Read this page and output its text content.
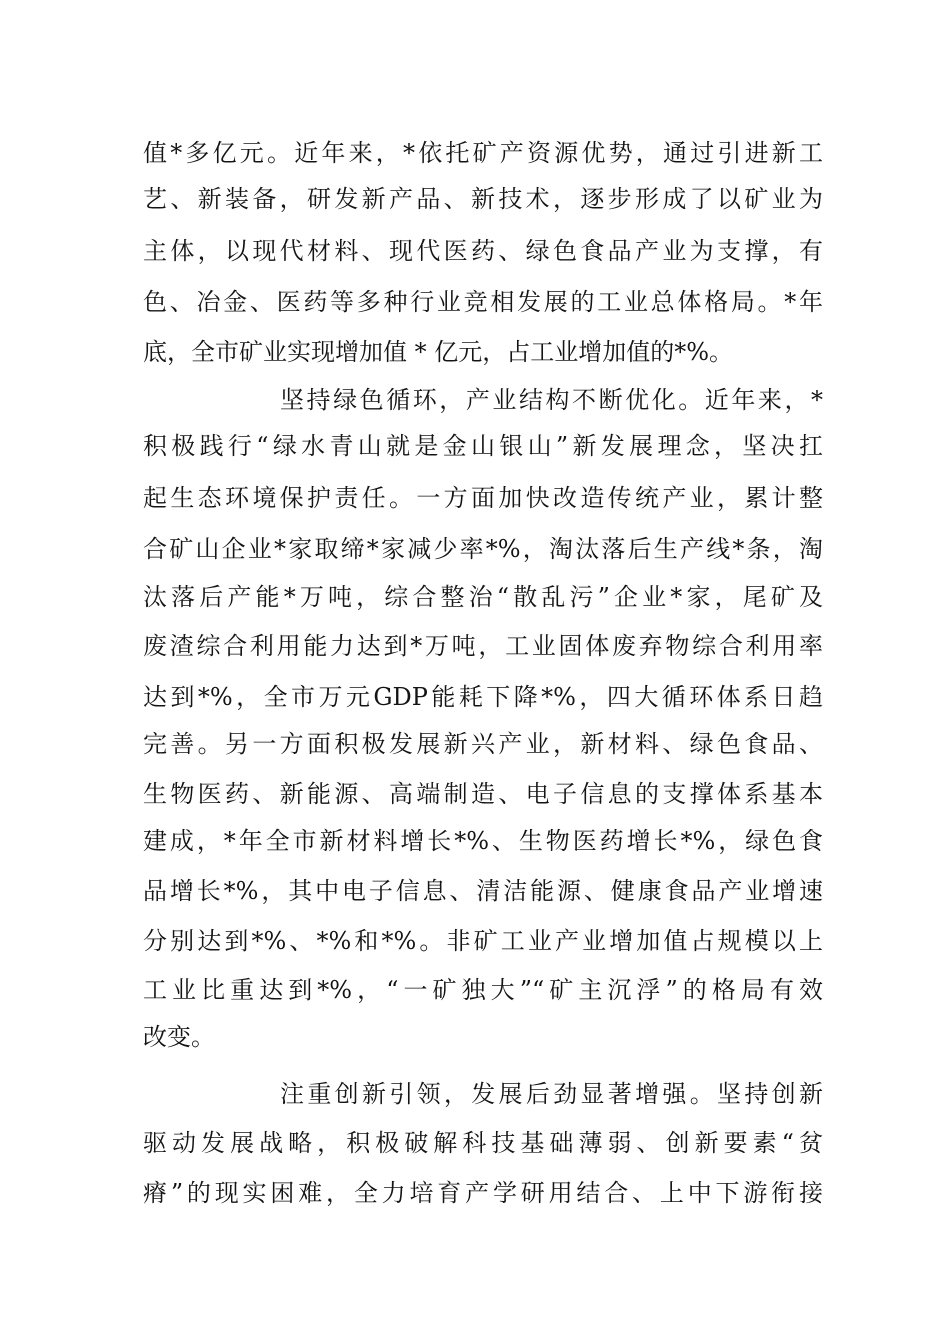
值*多亿元。近年来，*依托矿产资源优势，通过引进新工
艺、新装备，研发新产品、新技术，逐步形成了以矿业为
主体，以现代材料、现代医药、绿色食品产业为支撑，有
色、冶金、医药等多种行业竞相发展的工业总体格局。*年
底，全市矿业实现增加值 * 亿元，占工业增加值的*%。
坚持绿色循环，产业结构不断优化。近年来，*
积极践行“绿水青山就是金山银山”新发展理念，坚决扛
起生态环境保护责任。一方面加快改造传统产业，累计整
合矿山企业*家取缔*家减少率*%，淘汰落后生产线*条，淘
汰落后产能*万吨，综合整治“散乱污”企业*家，尾矿及
废渣综合利用能力达到*万吨，工业固体废弃物综合利用率
达到*%，全市万元GDP能耗下降*%，四大循环体系日趋
完善。另一方面积极发展新兴产业，新材料、绿色食品、
生物医药、新能源、高端制造、电子信息的支撑体系基本
建成，*年全市新材料增长*%、生物医药增长*%，绿色食
品增长*%，其中电子信息、清洁能源、健康食品产业增速
分别达到*%、*%和*%。非矿工业产业增加值占规模以上
工业比重达到*%，“一矿独大”“矿主沉浮”的格局有效
改变。
注重创新引领，发展后劲显著增强。坚持创新
驱动发展战略，积极破解科技基础薄弱、创新要素“贫
瘠”的现实困难，全力培育产学研用结合、上中下游衔接
